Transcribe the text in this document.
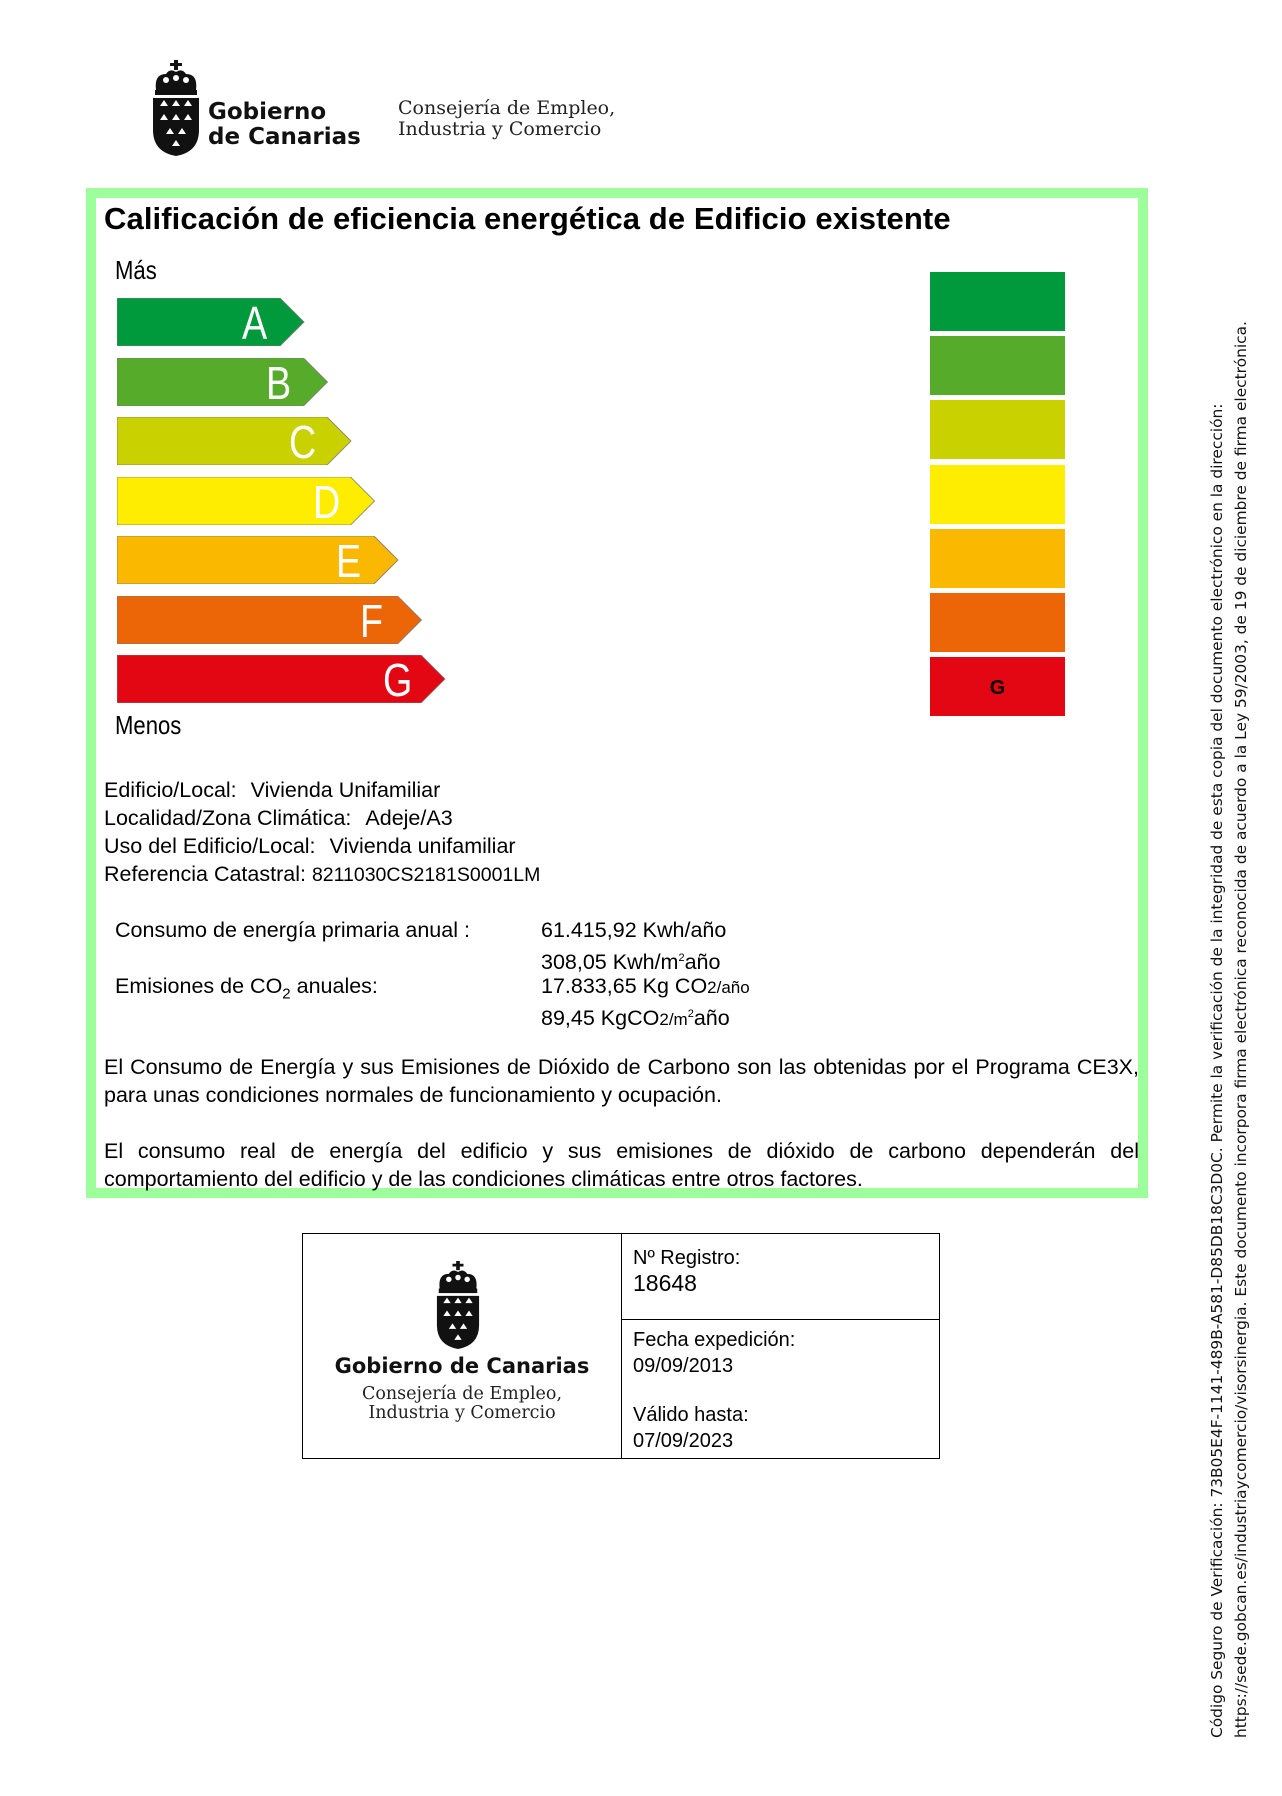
Gobierno
de Canarias
Consejería de Empleo,
Industria y Comercio
Calificación de eficiencia energética de Edificio existente
Más
Menos
A
B
C
D
E
F
G	G
Edificio/Local: Vivienda Unifamiliar
Localidad/Zona Climática: Adeje/A3
Uso del Edificio/Local: Vivienda unifamiliar
Referencia Catastral: 8211030CS2181S0001LM
Consumo de energía primaria anual :	61.415,92 Kwh/año
308,05 Kwh/$m^2año$
Emisiones de $CO_2$ anuales:	17.833,65 Kg CO2/año
89,45 $KgCO2/m^2año$
El Consumo de Energía y sus Emisiones de Dióxido de Carbono son las obtenidas por el Programa CE3X, para unas condiciones normales de funcionamiento y ocupación.
El consumo real de energía del edificio y sus emisiones de dióxido de carbono dependerán del comportamiento del edificio y de las condiciones climáticas entre otros factores.
Gobierno de Canarias
Consejería de Empleo,
Industria y Comercio
Nº Registro:
18648
Fecha expedición:
09/09/2013
Válido hasta:
07/09/2023	Código Seguro de Verificación: 73B05E4F-1141-489B-A581-D85DB18C3D0C. Permite la verificación de la integridad de esta copia del documento electrónico en la dirección: https://sede.gobcan.es/industriaycomercio/visorsinergia. Este documento incorpora firma electrónica reconocida de acuerdo a la Ley 59/2003, de 19 de diciembre de firma electrónica.
